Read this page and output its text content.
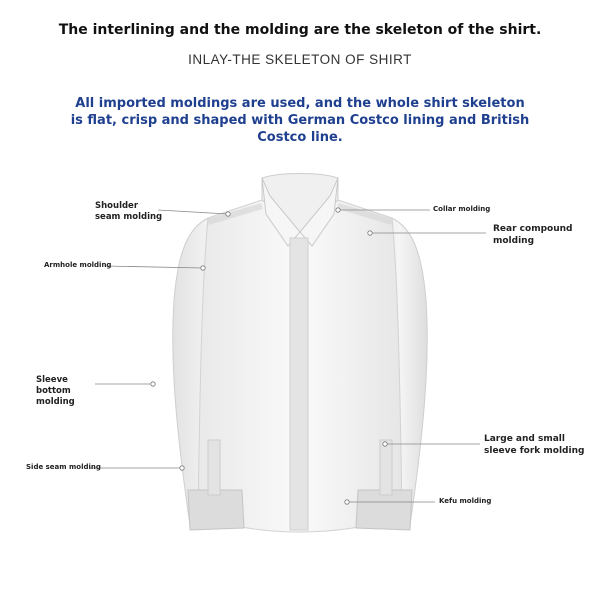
The interlining and the molding are the skeleton of the shirt.
INLAY-THE SKELETON OF SHIRT
All imported moldings are used, and the whole shirt skeleton is flat, crisp and shaped with German Costco lining and British Costco line.
Shoulder seam molding
Armhole molding
Sleeve bottom molding
Side seam molding
Collar molding
Rear compound molding
Large and small sleeve fork molding
Kefu molding
